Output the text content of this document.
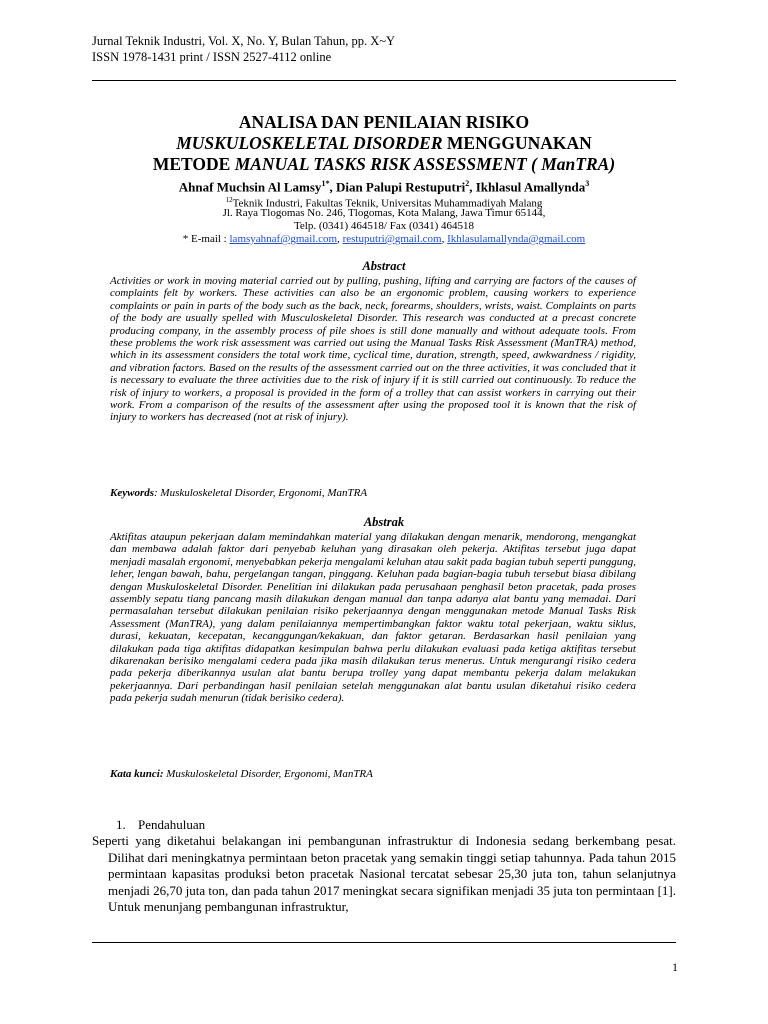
Jurnal Teknik Industri, Vol. X, No. Y, Bulan Tahun, pp. X~Y
ISSN 1978-1431 print / ISSN 2527-4112 online
ANALISA DAN PENILAIAN RISIKO
MUSKULOSKELETAL DISORDER MENGGUNAKAN
METODE MANUAL TASKS RISK ASSESSMENT ( ManTRA)
Ahnaf Muchsin Al Lamsy$^{1*}$, Dian Palupi Restuputri$^2$, Ikhlasul Amallynda$^3$
$^{12}$Teknik Industri, Fakultas Teknik, Universitas Muhammadiyah Malang
Jl. Raya Tlogomas No. 246, Tlogomas, Kota Malang, Jawa Timur 65144,
Telp. (0341) 464518/ Fax (0341) 464518
* E-mail : lamsyahnaf@gmail.com, restuputri@gmail.com, Ikhlasulamallynda@gmail.com
Abstract
Activities or work in moving material carried out by pulling, pushing, lifting and carrying are factors of the causes of complaints felt by workers. These activities can also be an ergonomic problem, causing workers to experience complaints or pain in parts of the body such as the back, neck, forearms, shoulders, wrists, waist. Complaints on parts of the body are usually spelled with Musculoskeletal Disorder. This research was conducted at a precast concrete producing company, in the assembly process of pile shoes is still done manually and without adequate tools. From these problems the work risk assessment was carried out using the Manual Tasks Risk Assessment (ManTRA) method, which in its assessment considers the total work time, cyclical time, duration, strength, speed, awkwardness / rigidity, and vibration factors. Based on the results of the assessment carried out on the three activities, it was concluded that it is necessary to evaluate the three activities due to the risk of injury if it is still carried out continuously. To reduce the risk of injury to workers, a proposal is provided in the form of a trolley that can assist workers in carrying out their work. From a comparison of the results of the assessment after using the proposed tool it is known that the risk of injury to workers has decreased (not at risk of injury).
Keywords: Muskuloskeletal Disorder, Ergonomi, ManTRA
Abstrak
Aktifitas ataupun pekerjaan dalam memindahkan material yang dilakukan dengan menarik, mendorong, mengangkat dan membawa adalah faktor dari penyebab keluhan yang dirasakan oleh pekerja. Aktifitas tersebut juga dapat menjadi masalah ergonomi, menyebabkan pekerja mengalami keluhan atau sakit pada bagian tubuh seperti punggung, leher, lengan bawah, bahu, pergelangan tangan, pinggang. Keluhan pada bagian-bagia tubuh tersebut biasa dibilang dengan Muskuloskeletal Disorder. Penelitian ini dilakukan pada perusahaan penghasil beton pracetak, pada proses assembly sepatu tiang pancang masih dilakukan dengan manual dan tanpa adanya alat bantu yang memadai. Dari permasalahan tersebut dilakukan penilaian risiko pekerjaannya dengan menggunakan metode Manual Tasks Risk Assessment (ManTRA), yang dalam penilaiannya mempertimbangkan faktor waktu total pekerjaan, waktu siklus, durasi, kekuatan, kecepatan, kecanggungan/kekakuan, dan faktor getaran. Berdasarkan hasil penilaian yang dilakukan pada tiga aktifitas didapatkan kesimpulan bahwa perlu dilakukan evaluasi pada ketiga aktifitas tersebut dikarenakan berisiko mengalami cedera pada jika masih dilakukan terus menerus. Untuk mengurangi risiko cedera pada pekerja diberikannya usulan alat bantu berupa trolley yang dapat membantu pekerja dalam melakukan pekerjaannya. Dari perbandingan hasil penilaian setelah menggunakan alat bantu usulan diketahui risiko cedera pada pekerja sudah menurun (tidak berisiko cedera).
Kata kunci: Muskuloskeletal Disorder, Ergonomi, ManTRA
1. Pendahuluan
Seperti yang diketahui belakangan ini pembangunan infrastruktur di Indonesia sedang berkembang pesat. Dilihat dari meningkatnya permintaan beton pracetak yang semakin tinggi setiap tahunnya. Pada tahun 2015 permintaan kapasitas produksi beton pracetak Nasional tercatat sebesar 25,30 juta ton, tahun selanjutnya menjadi 26,70 juta ton, dan pada tahun 2017 meningkat secara signifikan menjadi 35 juta ton permintaan [1]. Untuk menunjang pembangunan infrastruktur,
1
